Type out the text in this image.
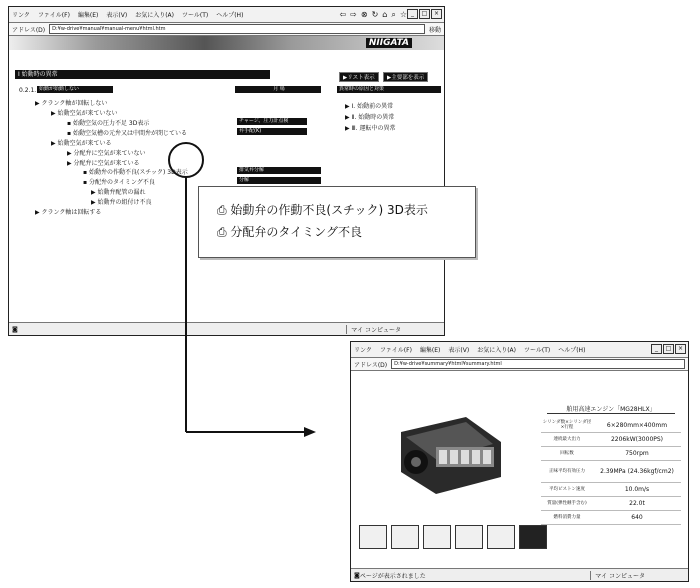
リンク ファイル(F) 編集(E) 表示(V) お気に入り(A) ツール(T) ヘルプ(H)	⇦ ⇨ ⊗ ↻ ⌂ ⌕ ☆ _	□	×
アドレス(D)	D:¥w-drive¥manual¥manual-menu¥html.htm	移動
NIIGATA
Ⅰ 始動時の異常	▶リスト表示	▶主要部を表示
0.2.1. 始動が始動しない	月 場	異常時の原因と対策
▶ Ⅰ. 始動前の異常
▶ Ⅱ. 始動時の異常
▶ Ⅲ. 運転中の異常
▶ クランク軸が回転しない
▶ 始動空気が来ていない
▪ 始動空気の圧力不足 3D表示
▪ 始動空気槽の元弁又は中間弁が閉じている
▶ 始動空気が来ている
▶ 分配弁に空気が来ていない
▶ 分配弁に空気が来ている
▪ 始動弁の作動不良(スチック) 3D表示
▪ 分配弁のタイミング不良
▶ 始動弁配管の漏れ
▶ 始動弁の組付け不良
▶ クランク軸は回転する
チャージ、圧力計点検
弁手配(K)
排気弁分解
分解
◙	マイ コンピュータ
⎙ 始動弁の作動不良(スチック) 3D表示
⎙ 分配弁のタイミング不良
リンク ファイル(F) 編集(E) 表示(V) お気に入り(A) ツール(T) ヘルプ(H)	_	□	×
アドレス(D)	D:¥w-drive¥summary¥html¥summary.html
舶用高速エンジン「MG28HLX」
シリンダ数×シリンダ径×行程	6×280mm×400mm
連続最大出力	2206kW(3000PS)
回転数	750rpm
正味平均有効圧力	2.39MPa (24.36kgf/cm2)
平均ピストン速度	10.0m/s
質量(弾性継手含む)	22.0t
燃料消費力量	640
◙ ページが表示されました	マイ コンピュータ
